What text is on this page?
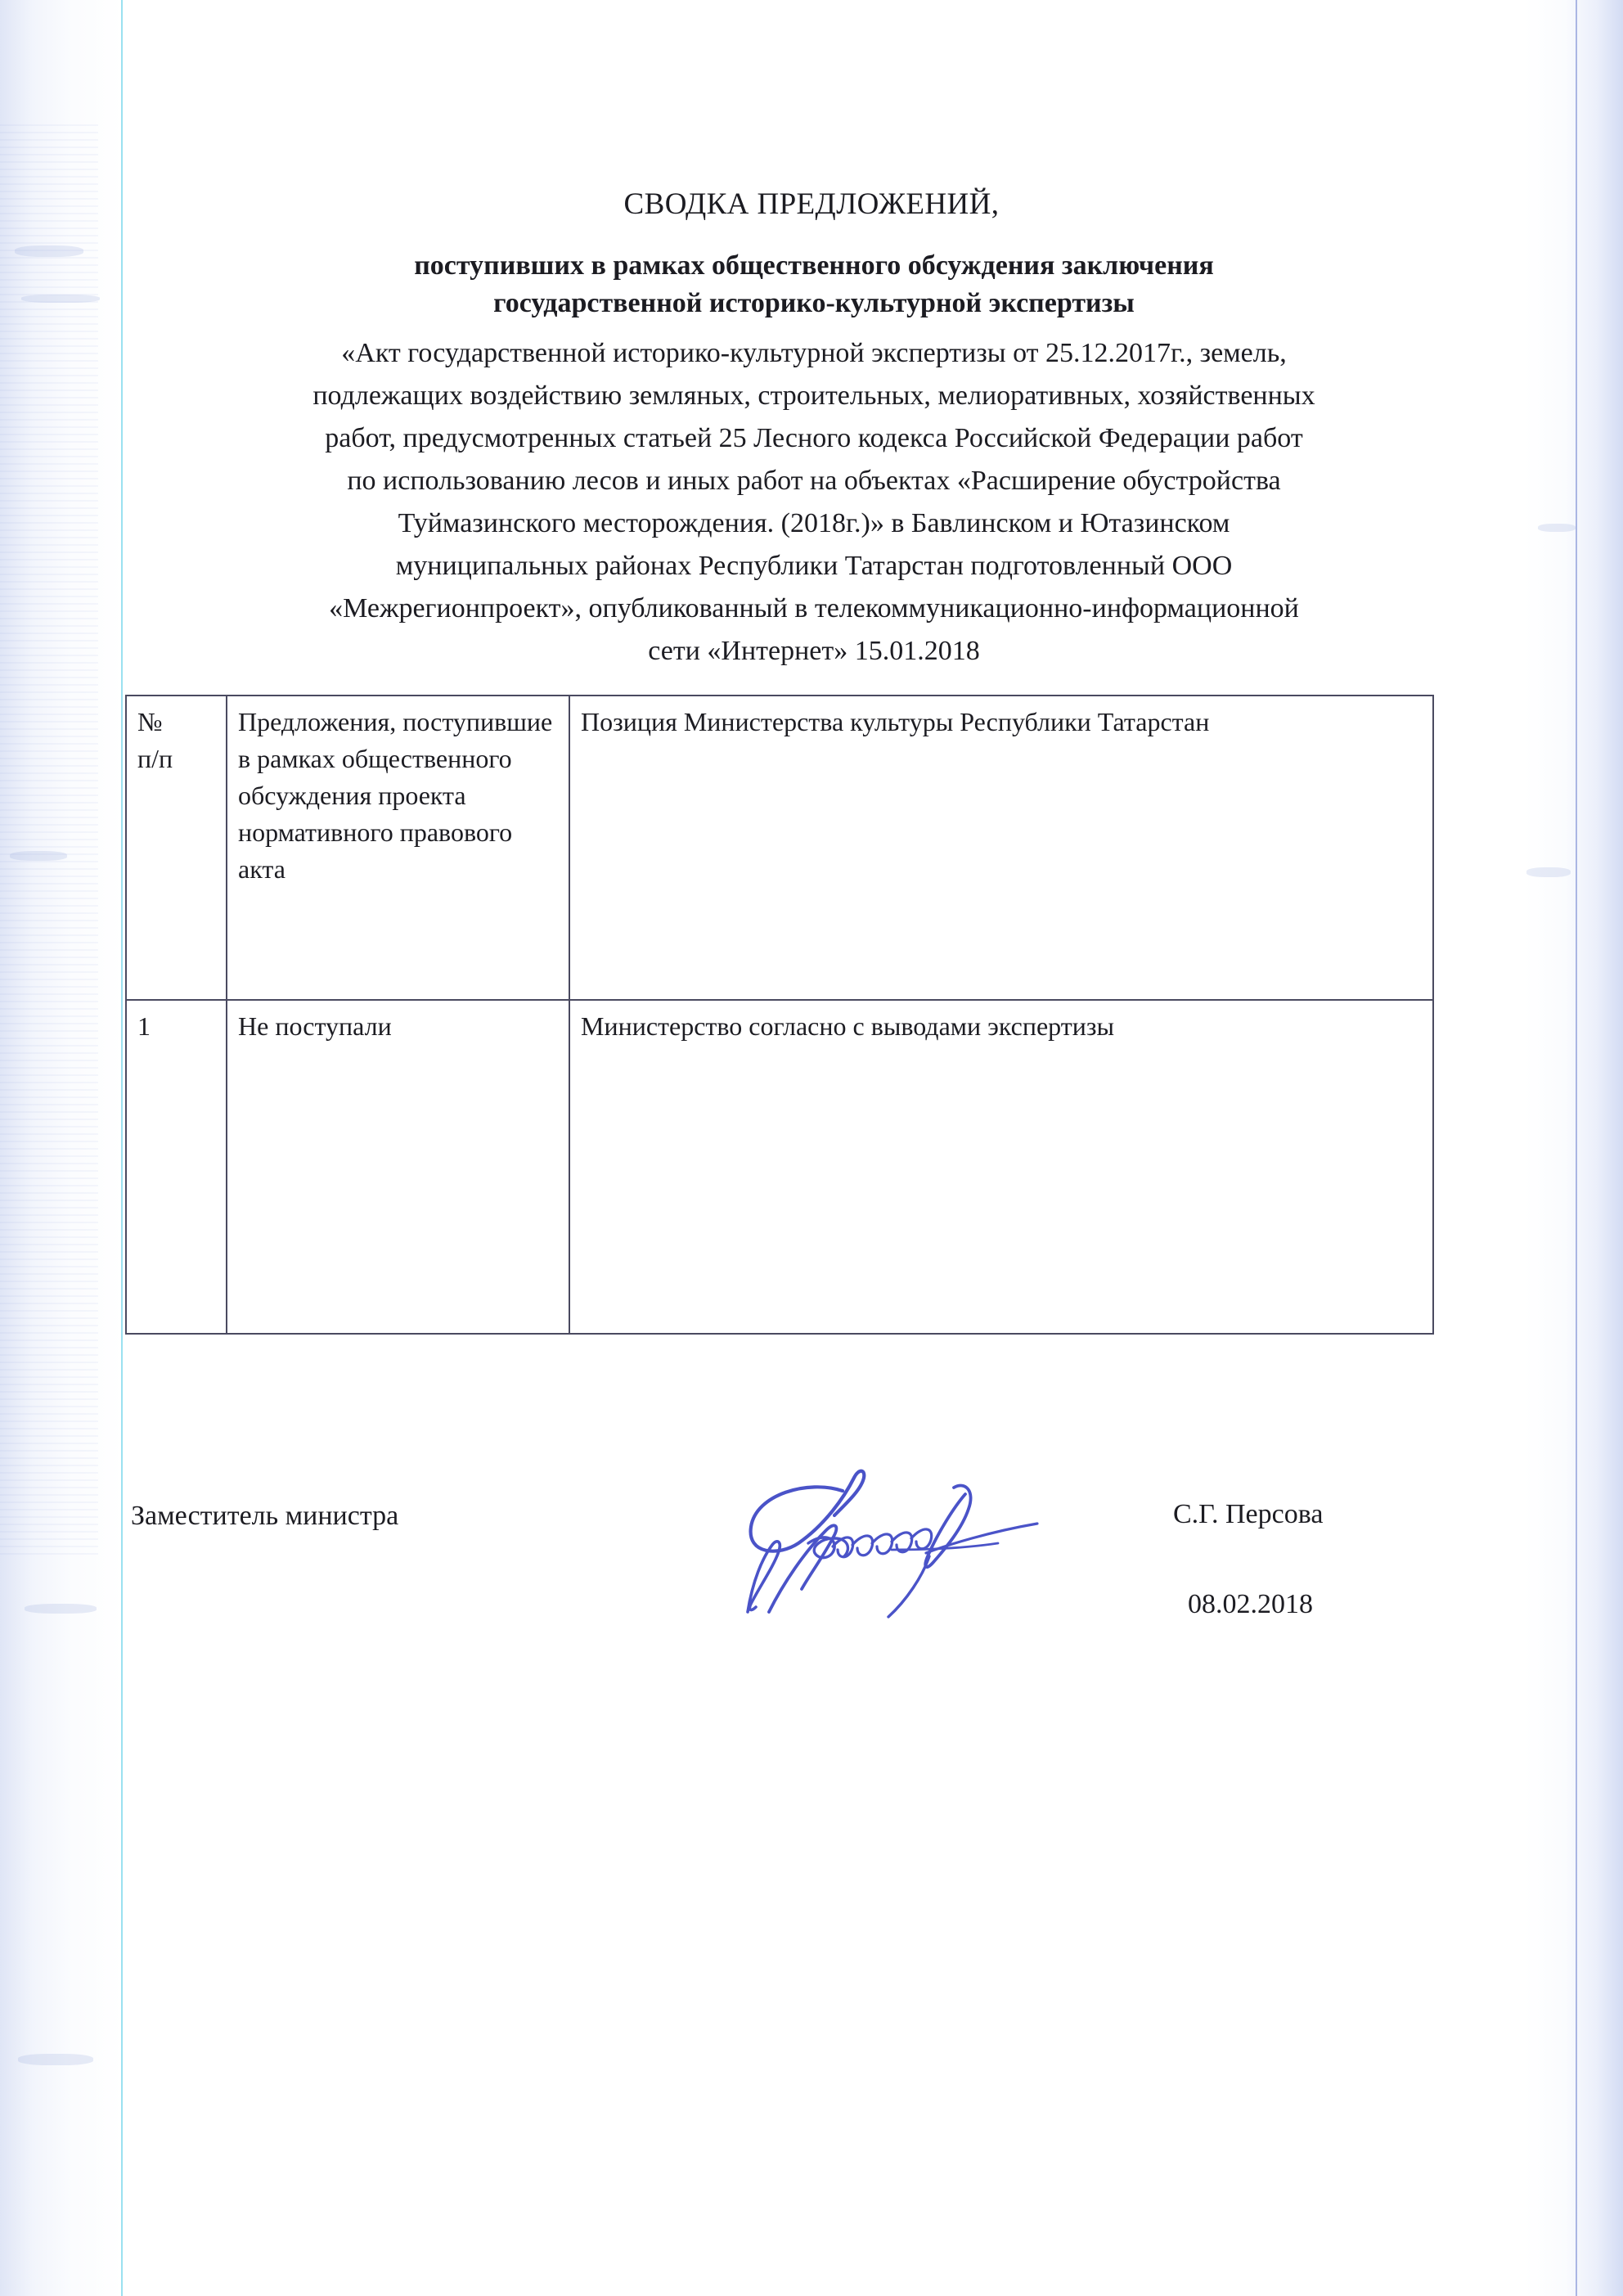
СВОДКА ПРЕДЛОЖЕНИЙ,
поступивших в рамках общественного обсуждения заключения
государственной историко-культурной экспертизы

«Акт государственной историко-культурной экспертизы от 25.12.2017г., земель,

подлежащих воздействию земляных, строительных, мелиоративных, хозяйственных

работ, предусмотренных статьей 25 Лесного кодекса Российской Федерации работ

по использованию лесов и иных работ на объектах «Расширение обустройства

Туймазинского месторождения. (2018г.)» в Бавлинском и Ютазинском

муниципальных районах Республики Татарстан подготовленный ООО

«Межрегионпроект», опубликованный в телекоммуникационно-информационной

сети «Интернет» 15.01.2018

№
п/п	Предложения, поступившие в рамках общественного обсуждения проекта нормативного правового акта	Позиция Министерства культуры Республики Татарстан
1	Не поступали	Министерство согласно с выводами экспертизы
Заместитель министра	С.Г. Персова
08.02.2018
